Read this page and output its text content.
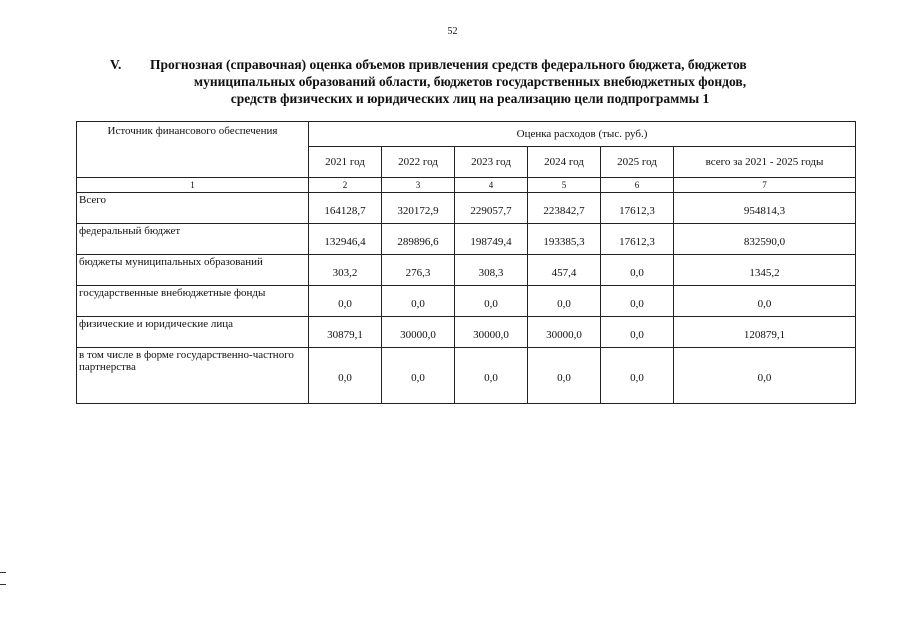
52
V.	Прогнозная (справочная) оценка объемов привлечения средств федерального бюджета, бюджетов
муниципальных образований области, бюджетов государственных внебюджетных фондов,
средств физических и юридических лиц на реализацию цели подпрограммы 1
Источник финансового обеспечения	Оценка расходов (тыс. руб.)					
	2021 год	2022 год	2023 год	2024 год	2025 год	всего за 2021 - 2025 годы
1	2	3	4	5	6	7
Всего	164128,7	320172,9	229057,7	223842,7	17612,3	954814,3
федеральный бюджет	132946,4	289896,6	198749,4	193385,3	17612,3	832590,0
бюджеты муниципальных образований	303,2	276,3	308,3	457,4	0,0	1345,2
государственные внебюджетные фонды	0,0	0,0	0,0	0,0	0,0	0,0
физические и юридические лица	30879,1	30000,0	30000,0	30000,0	0,0	120879,1
в том числе в форме государственно-частного партнерства	0,0	0,0	0,0	0,0	0,0	0,0
